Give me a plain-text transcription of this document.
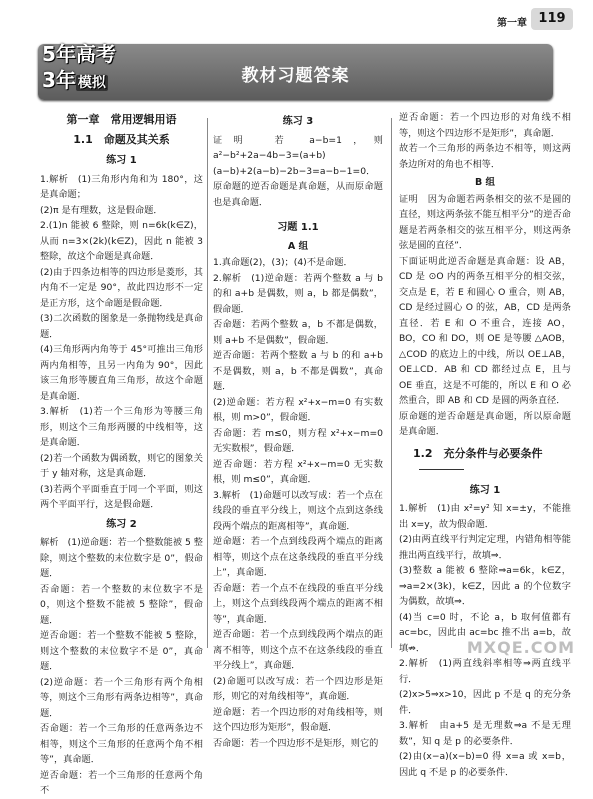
第一章 119
教材习题答案
5年高考
3年 模拟
第一章　常用逻辑用语
1.1　命题及其关系
练习 1

1.解析　(1)三角形内角和为 180°，这是真命题；

(2)π 是有理数，这是假命题．

2.(1)n 能被 6 整除，则 n=6k(k∈Z)，从而 n=3×(2k)(k∈Z)，因此 n 能被 3 整除，故这个命题是真命题．

(2)由于四条边相等的四边形是菱形，其内角不一定是 90°，故此四边形不一定是正方形，这个命题是假命题．

(3)二次函数的图象是一条抛物线是真命题．

(4)三角形两内角等于 45°可推出三角形两内角相等，且另一内角为 90°，因此该三角形等腰直角三角形，故这个命题是真命题．

3.解析　(1)若一个三角形为等腰三角形，则这个三角形两腰的中线相等，这是真命题．

(2)若一个函数为偶函数，则它的图象关于 y 轴对称，这是真命题．

(3)若两个平面垂直于同一个平面，则这两个平面平行，这是假命题．

练习 2

解析　(1)逆命题：若一个整数能被 5 整除，则这个整数的末位数字是 0”，假命题．

否命题：若一个整数的末位数字不是 0，则这个整数不能被 5 整除”，假命题．

逆否命题：若一个整数不能被 5 整除，则这个整数的末位数字不是 0”，真命题．

(2)逆命题：若一个三角形有两个角相等，则这个三角形有两条边相等”，真命题．

否命题：若一个三角形的任意两条边不相等，则这个三角形的任意两个角不相等”，真命题．

逆否命题：若一个三角形的任意两个角不

练习 3

证明　若 a−b=1，则 a²−b²+2a−4b−3=(a+b)(a−b)+2(a−b)−2b−3=a−b−1=0．

原命题的逆否命题是真命题，从而原命题也是真命题．

习题 1.1
A 组

1.真命题(2)，(3)；(4)不是命题．

2.解析　(1)逆命题：若两个整数 a 与 b 的和 a+b 是偶数，则 a，b 都是偶数”，假命题．

否命题：若两个整数 a，b 不都是偶数，则 a+b 不是偶数”，假命题．

逆否命题：若两个整数 a 与 b 的和 a+b 不是偶数，则 a，b 不都是偶数”，真命题．

(2)逆命题：若方程 x²+x−m=0 有实数根，则 m>0”，假命题．

否命题：若 m≤0，则方程 x²+x−m=0 无实数根”，假命题．

逆否命题：若方程 x²+x−m=0 无实数根，则 m≤0”，真命题．

3.解析　(1)命题可以改写成：若一个点在线段的垂直平分线上，则这个点到这条线段两个端点的距离相等”，真命题．

逆命题：若一个点到线段两个端点的距离相等，则这个点在这条线段的垂直平分线上”，真命题．

否命题：若一个点不在线段的垂直平分线上，则这个点到线段两个端点的距离不相等”，真命题．

逆否命题：若一个点到线段两个端点的距离不相等，则这个点不在这条线段的垂直平分线上”，真命题．

(2)命题可以改写成：若一个四边形是矩形，则它的对角线相等”，真命题．

逆命题：若一个四边形的对角线相等，则这个四边形为矩形”，假命题．

否命题：若一个四边形不是矩形，则它的

逆否命题：若一个四边形的对角线不相等，则这个四边形不是矩形”，真命题．

故若一个三角形的两条边不相等，则这两条边所对的角也不相等．

B 组

证明　因为命题若两条相交的弦不是圆的直径，则这两条弦不能互相平分”的逆否命题是若两条相交的弦互相平分，则这两条弦是圆的直径”．

下面证明此逆否命题是真命题：设 AB，CD 是 ⊙O 内的两条互相平分的相交弦，交点是 E，若 E 和圆心 O 重合，则 AB，CD 是经过圆心 O 的弦，AB，CD 是两条直径．若 E 和 O 不重合，连接 AO，BO，CO 和 DO，则 OE 是等腰 △AOB，△COD 的底边上的中线，所以 OE⊥AB，OE⊥CD．AB 和 CD 都经过点 E，且与 OE 垂直，这是不可能的，所以 E 和 O 必然重合，即 AB 和 CD 是圆的两条直径．

原命题的逆否命题是真命题，所以原命题是真命题．

1.2　充分条件与必要条件
练习 1

1.解析　(1)由 x²=y² 知 x=±y，不能推出 x=y，故为假命题．

(2)由两直线平行判定定理，内错角相等能推出两直线平行，故填⇒．

(3)整数 a 能被 6 整除⇒a=6k，k∈Z，⇒a=2×(3k)，k∈Z，因此 a 的个位数字为偶数，故填⇒．

(4)当 c=0 时，不论 a，b 取何值都有 ac=bc，因此由 ac=bc 推不出 a=b，故填⇏．

2.解析　(1)两直线斜率相等⇒两直线平行．

(2)x>5⇒x>10，因此 p 不是 q 的充分条件．

3.解析　由a+5 是无理数⇒a 不是无理数”，知 q 是 p 的必要条件．

(2)由(x−a)(x−b)=0 得 x=a 或 x=b，因此 q 不是 p 的必要条件．

MXQE.COM
